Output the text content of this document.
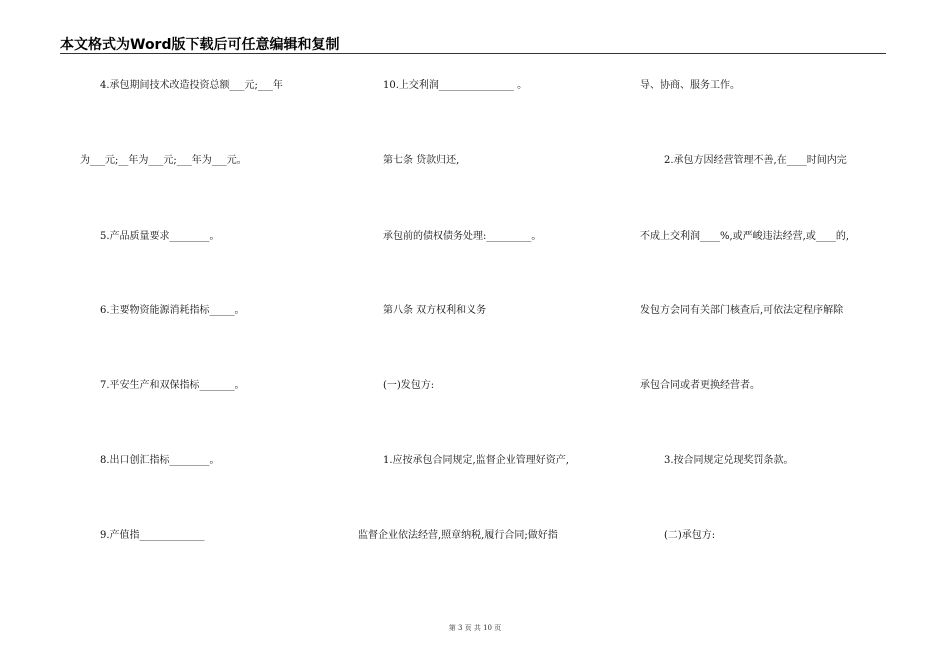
本文格式为Word版下载后可任意编辑和复制
4.承包期间技术改造投资总额___元;___年
为___元;__年为___元;___年为___元。
5.产品质量要求________。
6.主要物资能源消耗指标_____。
7.平安生产和双保指标_______。
8.出口创汇指标________。
9.产值指_____________
10.上交利润_______________ 。
第七条 贷款归还,
承包前的债权债务处理:_________。
第八条 双方权利和义务
(一)发包方:
1.应按承包合同规定,监督企业管理好资产,
监督企业依法经营,照章纳税,履行合同;做好指
导、协商、服务工作。
2.承包方因经营管理不善,在____时间内完
不成上交利润____%,或严峻违法经营,或____的,
发包方会同有关部门核查后,可依法定程序解除
承包合同或者更换经营者。
3.按合同规定兑现奖罚条款。
(二)承包方:
第 3 页 共 10 页
